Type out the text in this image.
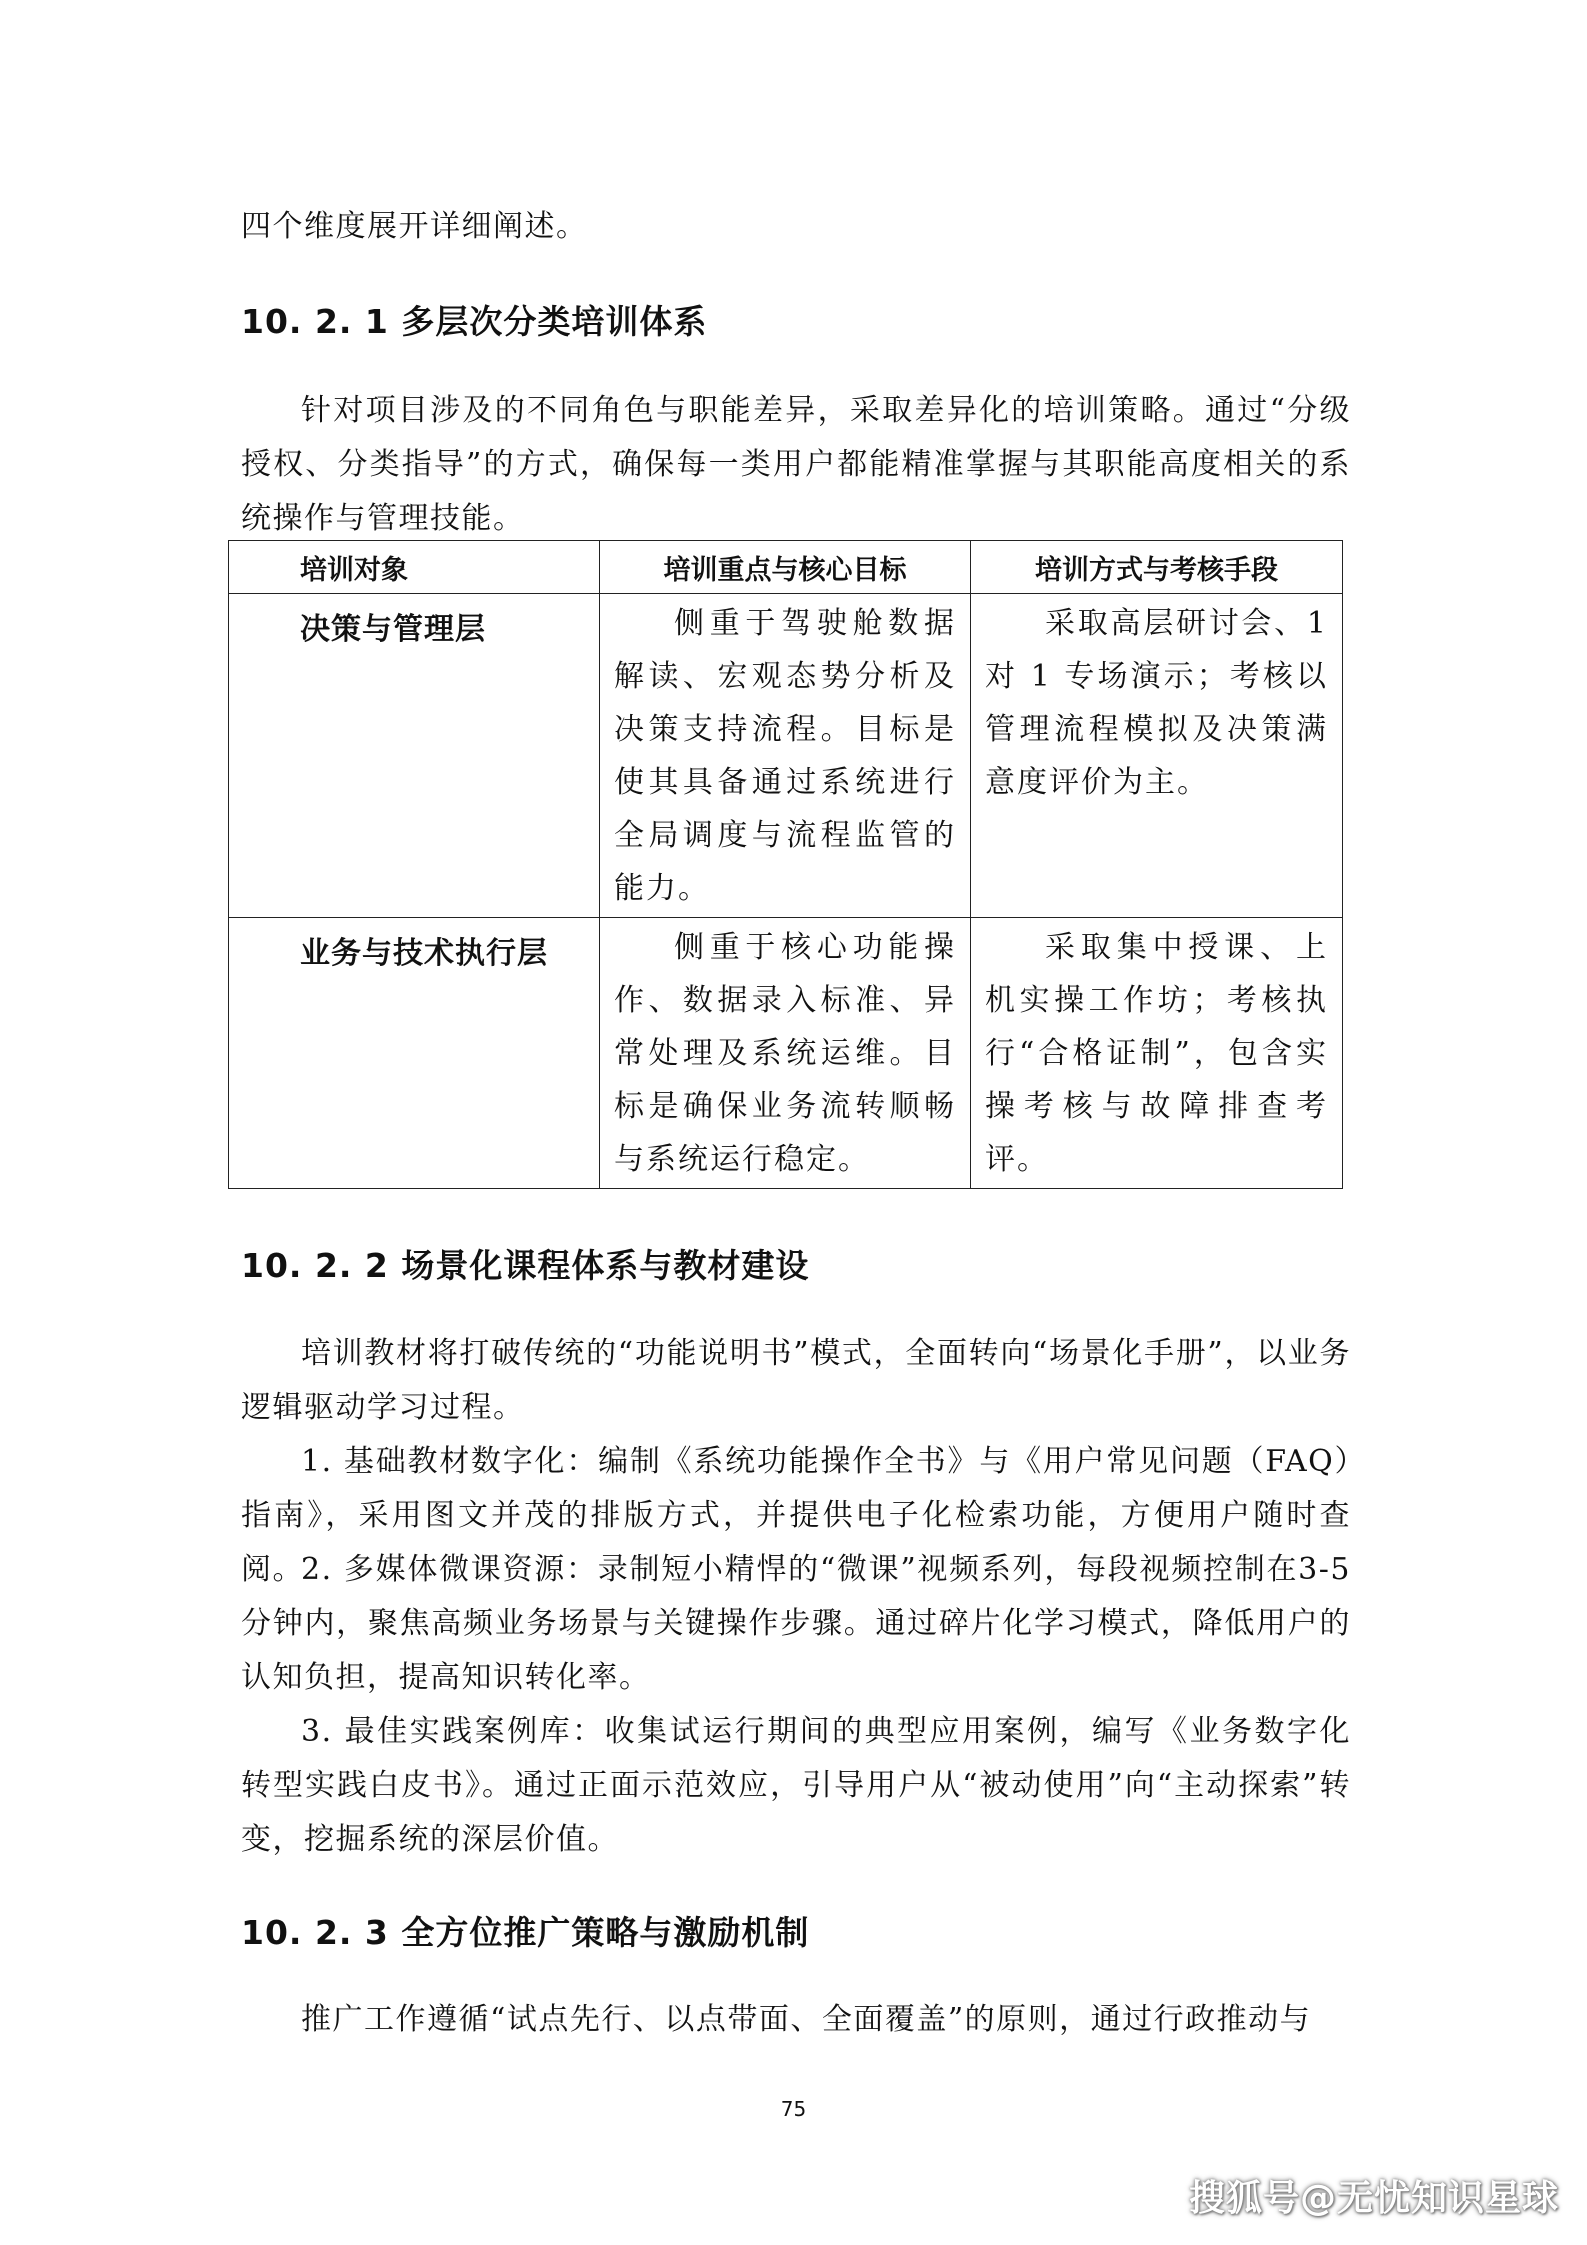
四个维度展开详细阐述。
10. 2. 1 多层次分类培训体系
针对项目涉及的不同角色与职能差异，采取差异化的培训策略。通过“分级授权、分类指导”的方式，确保每一类用户都能精准掌握与其职能高度相关的系统操作与管理技能。
培训对象	培训重点与核心目标	培训方式与考核手段
决策与管理层	侧重于驾驶舱数据解读、宏观态势分析及决策支持流程。目标是使其具备通过系统进行全局调度与流程监管的能力。	采取高层研讨会、1对 1 专场演示；考核以管理流程模拟及决策满意度评价为主。
业务与技术执行层	侧重于核心功能操作、数据录入标准、异常处理及系统运维。目标是确保业务流转顺畅与系统运行稳定。	采取集中授课、上机实操工作坊；考核执行“合格证制”，包含实操考核与故障排查考评。
10. 2. 2 场景化课程体系与教材建设
培训教材将打破传统的“功能说明书”模式，全面转向“场景化手册”，以业务逻辑驱动学习过程。
1. 基础教材数字化：编制《系统功能操作全书》与《用户常见问题（FAQ）指南》，采用图文并茂的排版方式，并提供电子化检索功能，方便用户随时查阅。
2. 多媒体微课资源：录制短小精悍的“微课”视频系列，每段视频控制在3-5 分钟内，聚焦高频业务场景与关键操作步骤。通过碎片化学习模式，降低用户的认知负担，提高知识转化率。
3. 最佳实践案例库：收集试运行期间的典型应用案例，编写《业务数字化转型实践白皮书》。通过正面示范效应，引导用户从“被动使用”向“主动探索”转变，挖掘系统的深层价值。
10. 2. 3 全方位推广策略与激励机制
推广工作遵循“试点先行、以点带面、全面覆盖”的原则，通过行政推动与
75
搜狐号@无忧知识星球
